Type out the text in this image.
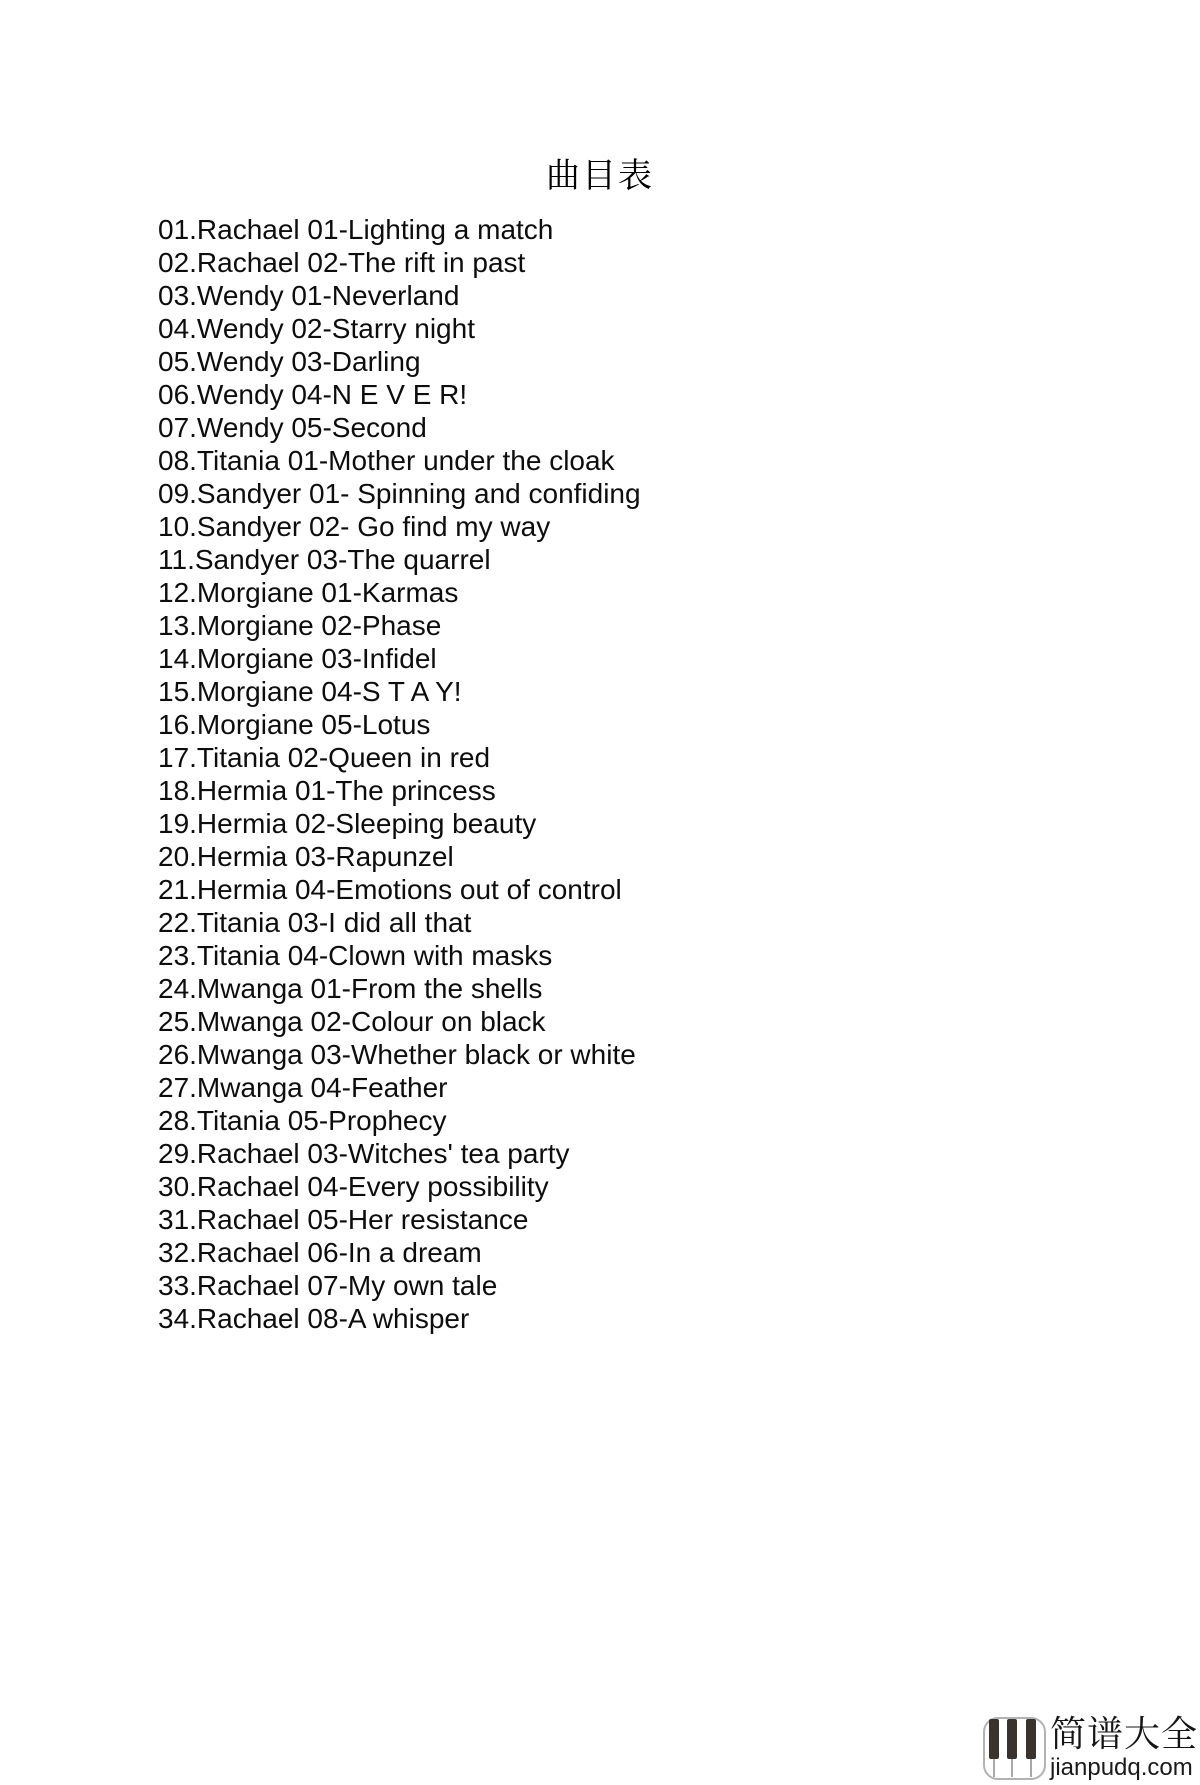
曲目表
01.Rachael 01-Lighting a match
02.Rachael 02-The rift in past
03.Wendy 01-Neverland
04.Wendy 02-Starry night
05.Wendy 03-Darling
06.Wendy 04-N E V E R!
07.Wendy 05-Second
08.Titania 01-Mother under the cloak
09.Sandyer 01- Spinning and confiding
10.Sandyer 02- Go find my way
11.Sandyer 03-The quarrel
12.Morgiane 01-Karmas
13.Morgiane 02-Phase
14.Morgiane 03-Infidel
15.Morgiane 04-S T A Y!
16.Morgiane 05-Lotus
17.Titania 02-Queen in red
18.Hermia 01-The princess
19.Hermia 02-Sleeping beauty
20.Hermia 03-Rapunzel
21.Hermia 04-Emotions out of control
22.Titania 03-I did all that
23.Titania 04-Clown with masks
24.Mwanga 01-From the shells
25.Mwanga 02-Colour on black
26.Mwanga 03-Whether black or white
27.Mwanga 04-Feather
28.Titania 05-Prophecy
29.Rachael 03-Witches' tea party
30.Rachael 04-Every possibility
31.Rachael 05-Her resistance
32.Rachael 06-In a dream
33.Rachael 07-My own tale
34.Rachael 08-A whisper
简谱大全
jianpudq.com
